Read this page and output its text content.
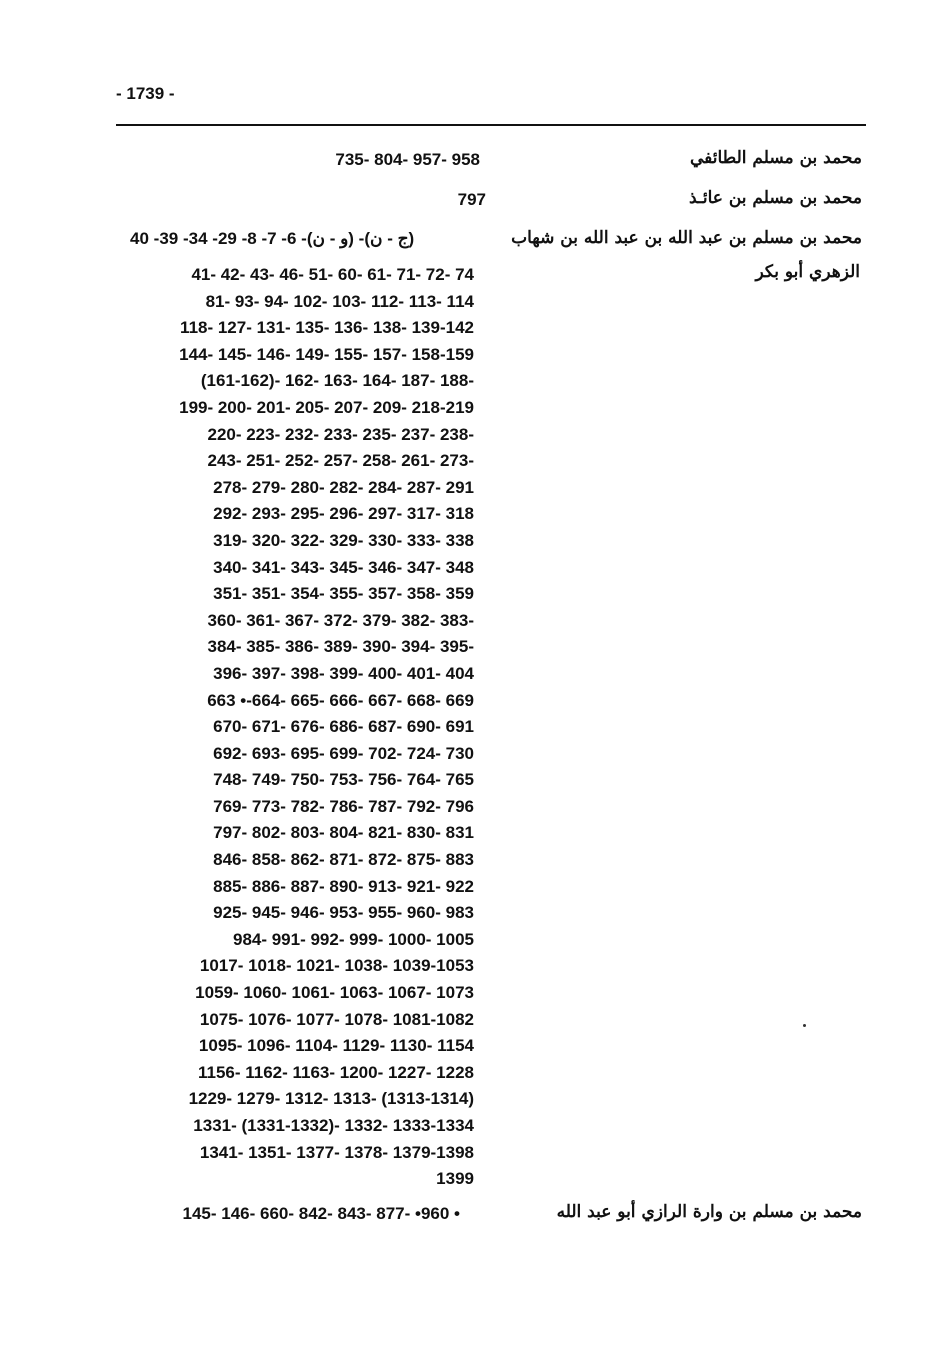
- 1739 -
محمد بن مسلم الطائفي
735- 804- 957- 958
محمد بن مسلم بن عائـذ
797
محمد بن مسلم بن عبد الله بن عبد الله بن شهاب
الزهري أبو بكر
(ج - ن)- (و - ن)- 6- 7- 8- 29- 34- 39- 40
41- 42- 43- 46- 51- 60- 61- 71- 72- 74
81- 93- 94- 102- 103- 112- 113- 114
118- 127- 131- 135- 136- 138- 139-142
144- 145- 146- 149- 155- 157- 158-159
(161-162)- 162- 163- 164- 187- 188-
199- 200- 201- 205- 207- 209- 218-219
220- 223- 232- 233- 235- 237- 238-
243- 251- 252- 257- 258- 261- 273-
278- 279- 280- 282- 284- 287- 291
292- 293- 295- 296- 297- 317- 318
319- 320- 322- 329- 330- 333- 338
340- 341- 343- 345- 346- 347- 348
351- 351- 354- 355- 357- 358- 359
360- 361- 367- 372- 379- 382- 383-
384- 385- 386- 389- 390- 394- 395-
396- 397- 398- 399- 400- 401- 404
663 •-664- 665- 666- 667- 668- 669
670- 671- 676- 686- 687- 690- 691
692- 693- 695- 699- 702- 724- 730
748- 749- 750- 753- 756- 764- 765
769- 773- 782- 786- 787- 792- 796
797- 802- 803- 804- 821- 830- 831
846- 858- 862- 871- 872- 875- 883
885- 886- 887- 890- 913- 921- 922
925- 945- 946- 953- 955- 960- 983
984- 991- 992- 999- 1000- 1005
1017- 1018- 1021- 1038- 1039-1053
1059- 1060- 1061- 1063- 1067- 1073
1075- 1076- 1077- 1078- 1081-1082
1095- 1096- 1104- 1129- 1130- 1154
1156- 1162- 1163- 1200- 1227- 1228
1229- 1279- 1312- 1313- (1313-1314)
1331- (1331-1332)- 1332- 1333-1334
1341- 1351- 1377- 1378- 1379-1398
1399
محمد بن مسلم بن وارة الرازي أبو عبد الله
145- 146- 660- 842- 843- 877- •960 •
